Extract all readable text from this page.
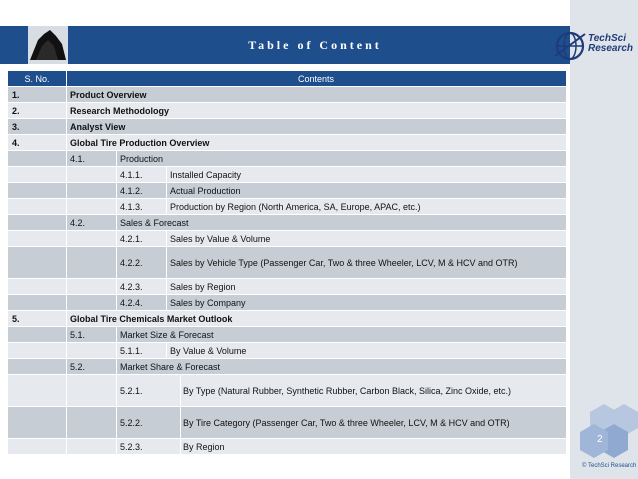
Table of Content	TechSci
Research
S. No.	Contents
1.	Product Overview
2.	Research Methodology
3.	Analyst View
4.	Global Tire Production Overview
4.1.	Production
4.1.1.	Installed Capacity
4.1.2.	Actual Production
4.1.3.	Production by Region (North America, SA, Europe, APAC, etc.)
4.2.	Sales & Forecast
4.2.1.	Sales by Value & Volume
4.2.2.	Sales by Vehicle Type (Passenger Car, Two & three Wheeler, LCV, M & HCV and OTR)
4.2.3.	Sales by Region
4.2.4.	Sales by Company
5.	Global Tire Chemicals Market Outlook
5.1.	Market Size & Forecast
5.1.1.	By Value & Volume
5.2.	Market Share & Forecast
5.2.1.	By Type (Natural Rubber, Synthetic Rubber, Carbon Black, Silica, Zinc Oxide, etc.)
5.2.2.	By Tire Category (Passenger Car, Two & three Wheeler, LCV, M & HCV and OTR)
5.2.3.	By Region
2
© TechSci Research
